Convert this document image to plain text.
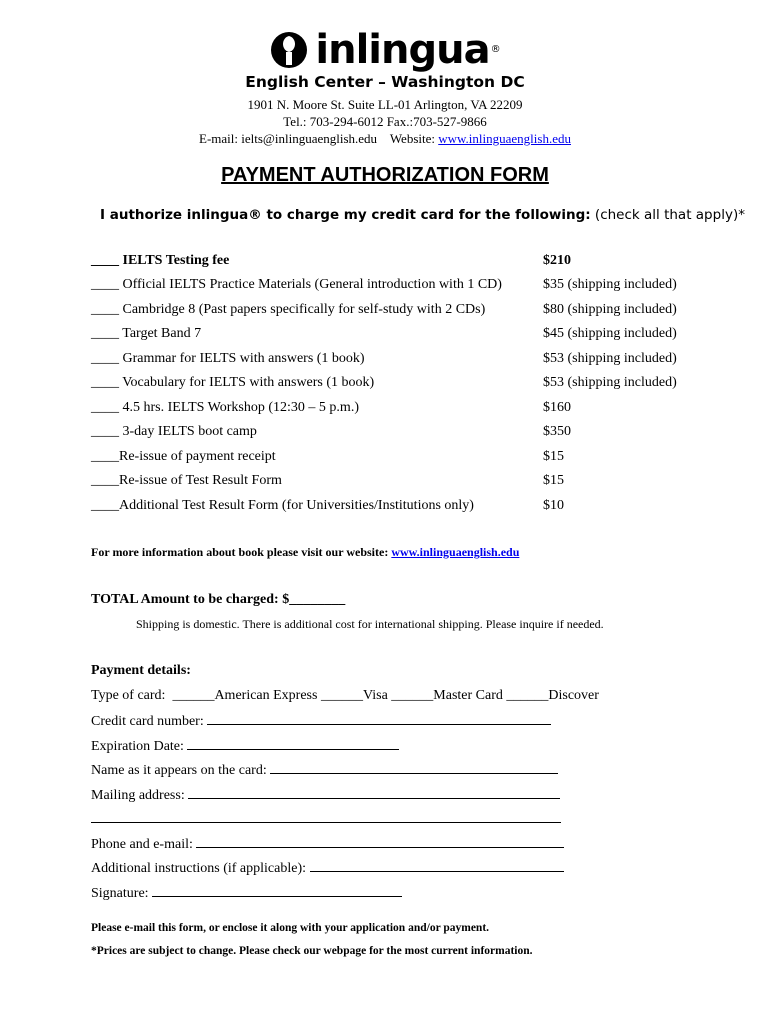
inlingua ®
English Center – Washington DC
1901 N. Moore St. Suite LL-01 Arlington, VA 22209
Tel.: 703-294-6012 Fax.:703-527-9866
E-mail: ielts@inlinguaenglish.edu    Website: www.inlinguaenglish.edu
PAYMENT AUTHORIZATION FORM
I authorize inlingua® to charge my credit card for the following: (check all that apply)*
____ IELTS Testing fee	$210
____ Official IELTS Practice Materials (General introduction with 1 CD)	$35 (shipping included)
____ Cambridge 8 (Past papers specifically for self-study with 2 CDs)	$80 (shipping included)
____ Target Band 7	$45 (shipping included)
____ Grammar for IELTS with answers (1 book)	$53 (shipping included)
____ Vocabulary for IELTS with answers (1 book)	$53 (shipping included)
____ 4.5 hrs. IELTS Workshop (12:30 – 5 p.m.)	$160
____ 3-day IELTS boot camp	$350
____Re-issue of payment receipt	$15
____Re-issue of Test Result Form	$15
____Additional Test Result Form (for Universities/Institutions only)	$10
For more information about book please visit our website: www.inlinguaenglish.edu
TOTAL Amount to be charged: $________
Shipping is domestic. There is additional cost for international shipping. Please inquire if needed.
Payment details:
Type of card: ______American Express ______Visa ______Master Card ______Discover
Credit card number:
Expiration Date:
Name as it appears on the card:
Mailing address:
Phone and e-mail:
Additional instructions (if applicable):
Signature:
Please e-mail this form, or enclose it along with your application and/or payment.
*Prices are subject to change. Please check our webpage for the most current information.
